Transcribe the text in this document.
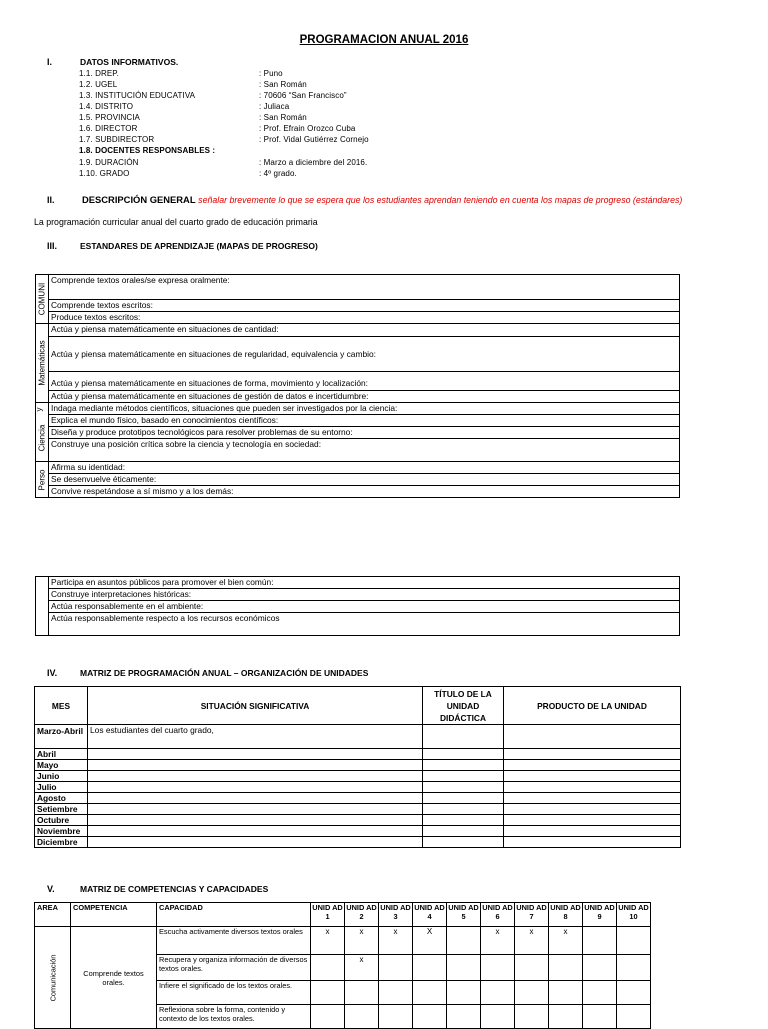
PROGRAMACION ANUAL 2016
I.	DATOS INFORMATIVOS.
1.1. DREP.	: Puno
1.2. UGEL	: San Román
1.3. INSTITUCIÓN EDUCATIVA	: 70606 “San Francisco”
1.4. DISTRITO	: Juliaca
1.5. PROVINCIA	: San Román
1.6. DIRECTOR	: Prof. Efrain Orozco Cuba
1.7. SUBDIRECTOR	: Prof. Vidal Gutiérrez Cornejo
1.8. DOCENTES RESPONSABLES :
1.9. DURACIÓN	: Marzo a diciembre del 2016.
1.10. GRADO	: 4º grado.
II.	DESCRIPCIÓN GENERAL señalar brevemente lo que se espera que los estudiantes aprendan teniendo en cuenta los mapas de progreso (estándares)
La programación curricular anual del cuarto grado de educación primaria
III.	ESTANDARES DE APRENDIZAJE (MAPAS DE PROGRESO)
COMUNI	Comprende textos orales/se expresa oralmente:
	Comprende textos escritos:
	Produce textos escritos:

Matemáticas	Actúa y piensa matemáticamente en situaciones de cantidad:
	Actúa y piensa matemáticamente en situaciones de regularidad, equivalencia y cambio:
	Actúa y piensa matemáticamente en situaciones de forma, movimiento y localización:
	Actúa y piensa matemáticamente en situaciones de gestión de datos e incertidumbre:

Ciencia
y	Indaga mediante métodos científicos, situaciones que pueden ser investigados por la ciencia:
	Explica el mundo físico, basado en conocimientos científicos:
	Diseña y produce prototipos tecnológicos para resolver problemas de su entorno:
	Construye una posición crítica sobre la ciencia y tecnología en sociedad:

Perso	Afirma su identidad:
	Se desenvuelve éticamente:
	Convive respetándose a sí mismo y a los demás:
	Participa en asuntos públicos para promover el bien común:
Construye interpretaciones históricas:
Actúa responsablemente en el ambiente:
Actúa responsablemente respecto a los recursos económicos
IV.	MATRIZ DE PROGRAMACIÓN ANUAL – ORGANIZACIÓN DE UNIDADES
MES	SITUACIÓN SIGNIFICATIVA	TÍTULO DE LA UNIDAD DIDÁCTICA	PRODUCTO DE LA UNIDAD
Marzo-Abril	Los estudiantes del cuarto grado,		
Abril			
Mayo			
Junio			
Julio			
Agosto			
Setiembre			
Octubre			
Noviembre			
Diciembre			
V.	MATRIZ DE COMPETENCIAS Y CAPACIDADES
AREA	COMPETENCIA	CAPACIDAD	UNID AD 1	UNID AD 2	UNID AD 3	UNID AD 4	UNID AD 5	UNID AD 6	UNID AD 7	UNID AD 8	UNID AD 9	UNID AD 10

Comunicación	Comprende textos orales.	Escucha activamente diversos textos orales	x	x	x	X		x	x	x		
		Recupera y organiza información de diversos textos orales.		x								
		Infiere el significado de los textos orales.										
		Reflexiona sobre la forma, contenido y contexto de los textos orales.										
